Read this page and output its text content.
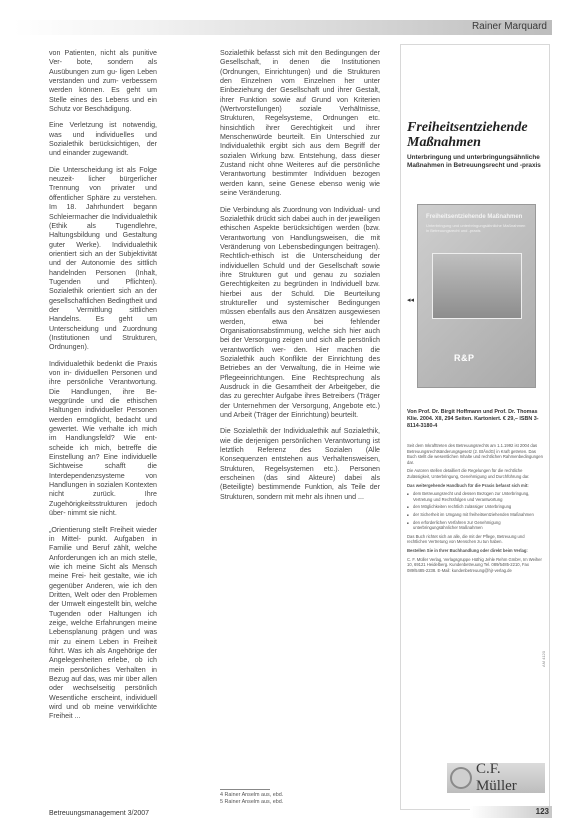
Rainer Marquard

von Patienten, nicht als punitive Ver- bote, sondern als Ausübungen zum gu- ligen Leben verstanden und zum- verbessern werden können. Es geht um Stelle eines des Lebens und ein Schutz vor Beschädigung.

Eine Verletzung ist notwendig, was und individuelles und Sozialethik berücksichtigen, der und einander zugewandt.

Die Unterscheidung ist als Folge neuzeit- licher bürgerlicher Trennung von privater und öffentlicher Sphäre zu verstehen. Im 18. Jahrhundert begann Schleiermacher die Individualethik (Ethik als Tugendlehre, Haltungsbildung und Gestaltung guter Werke). Individualethik orientiert sich an der Subjektivität und der Autonomie des sittlich handelnden Personen (Inhalt, Tugenden und Pflichten). Sozialethik orientiert sich an der gesellschaftlichen Bedingtheit und der Vermittlung sittlichen Handelns. Es geht um Unterscheidung und Zuordnung (Institutionen und Strukturen, Ordnungen).

Individualethik bedenkt die Praxis von in- dividuellen Personen und ihre persönliche Verantwortung. Die Handlungen, ihre Be- weggründe und die ethischen Haltungen individueller Personen werden ermöglicht, bedacht und gewertet. Wie verhalte ich mich im Handlungsfeld? Wie ent- scheide ich mich, betreffe die Einstellung an? Eine individuelle Sichtweise schafft die Interdependenzsysteme von Handlungen in sozialen Kontexten nicht zurück. Ihre Zugehörigkeitsstrukturen jedoch über- nimmt sie nicht.

„Orientierung stellt Freiheit wieder in Mittel- punkt. Aufgaben in Familie und Beruf zählt, welche Anforderungen ich an mich stelle, wie ich meine Sicht als Mensch meine Frei- heit gestalte, wie ich gegenüber Anderen, wie ich den Dritten, Welt oder den Problemen der Umwelt eingestellt bin, welche Tugenden oder Haltungen ich zeige, welche Erfahrungen meine Lebensplanung prägen und was mir zu einem Leben in Freiheit führt. Was ich als Angehörige der Angelegenheiten erlebe, ob ich mein persönliches Verhalten in Bezug auf das, was mir über allen oder wechselseitig persönlich Wesentliche erscheint, individuell wird und ob meine verwirklichte Freiheit ...

Sozialethik befasst sich mit den Bedingungen der Gesellschaft, in denen die Institutionen (Ordnungen, Einrichtungen) und die Strukturen den Einzelnen vom Einzelnen her unter Einbeziehung der Gesellschaft und ihrer Gestalt, ihrer Funktion sowie auf Grund von Kriterien (Wertvorstellungen) soziale Verhältnisse, Strukturen, Regelsysteme, Ordnungen etc. hinsichtlich ihrer Gerechtigkeit und ihrer Menschenwürde beurteilt. Ein Unterschied zur Individualethik ergibt sich aus dem Begriff der sozialen Wirkung bzw. Entstehung, dass dieser Zustand nicht ohne Weiteres auf die persönliche Verantwortung bestimmter Individuen bezogen werden kann, seine Genese ebenso wenig wie seine Veränderung.

Die Verbindung als Zuordnung von Individual- und Sozialethik drückt sich dabei auch in der jeweiligen ethischen Aspekte berücksichtigen werden (bzw. Verantwortung von Handlungsweisen, die mit Veränderung von Lebensbedingungen beitragen). Rechtlich-ethisch ist die Unterscheidung der individuellen Schuld und der Gesellschaft sowie ihre Strukturen gut und genau zu sozialen Gerechtigkeiten zu begründen in Individuell bzw. hierbei aus der Schuld. Die Beurteilung struktureller und systemischer Bedingungen müssen ebenfalls aus den Ansätzen ausgewiesen werden, etwa bei fehlender Organisationsabstimmung, welche sich hier auch bei der Versorgung zeigen und sich alle persönlich verantwortlich wer- den. Hier machen die Sozialethik auch Konflikte der Einrichtung des Betriebes an der Verwaltung, die in Heime wie Pflegeeinrichtungen. Eine Rechtsprechung als Ausdruck in die Gesamtheit der Arbeitgeber, die das zu gerechter Aufgabe ihres Betreibers (Träger der Unternehmen der Versorgung, Angebote etc.) und Arbeit (Träger der Einrichtung) beurteilt.

Die Sozialethik der Individualethik auf Sozialethik, wie die derjenigen persönlichen Verantwortung ist letztlich Referenz des Sozialen (Alle Konsequenzen entstehen aus Verhaltensweisen, Strukturen, Regelsystemen etc.). Personen erscheinen (das sind Akteure) dabei als (Beteiligte) bestimmende Funktion, als Teile der Strukturen, sondern mit mehr als ihnen und ...

4 Rainer Anselm aus, ebd.
5 Rainer Anselm aus, ebd.
Freiheitsentziehende Maßnahmen
Unterbringung und unterbringungsähnliche Maßnahmen in Betreuungsrecht und -praxis
Freiheitsentziehende Maßnahmen
Unterbringung und unterbringungsähnliche Maßnahmen in Betreuungsrecht und -praxis
R&P
◂◂
Von Prof. Dr. Birgit Hoffmann und Prof. Dr. Thomas Klie. 2004. XII, 294 Seiten. Kartoniert. € 29,– ISBN 3-8114-3180-4

Seit dem Inkrafttreten des Betreuungsrechts am 1.1.1992 ist 2004 das Betreuungsrechtsänderungsgesetz (2. BtÄndG) in Kraft getreten. Das Buch stellt die wesentlichen Inhalte und rechtlichen Rahmenbedingungen dar.

Die Autoren stellen detailliert die Regelungen für die rechtliche Zulässigkeit, Unterbringung, Genehmigung und Durchführung dar.

Das weitergehende Handbuch für die Praxis befasst sich mit:

■ dem Betreuungsrecht und dessen Bezügen zur Unterbringung, Vertretung und Rechtsfolgen und Verantwortung
■ den Möglichkeiten rechtlich zulässiger Unterbringung
■ der Sicherheit im Umgang mit freiheitsentziehenden Maßnahmen
■ den erforderlichen Verfahren zur Genehmigung unterbringungsähnlicher Maßnahmen

Das Buch richtet sich an alle, die mit der Pflege, Betreuung und rechtlichen Vertretung von Menschen zu tun haben.

Bestellen Sie in Ihrer Buchhandlung oder direkt beim Verlag:

C. F. Müller Verlag, Verlagsgruppe Hüthig Jehle Rehm GmbH, Im Weiher 10, 69121 Heidelberg. Kundenbetreuung Tel. 089/5485-2210, Fax 089/5485-2238. E-Mail: kundenbetreuung@hjr-verlag.de

AM 4120
C.F. Müller
Betreuungsmanagement 3/2007	123
